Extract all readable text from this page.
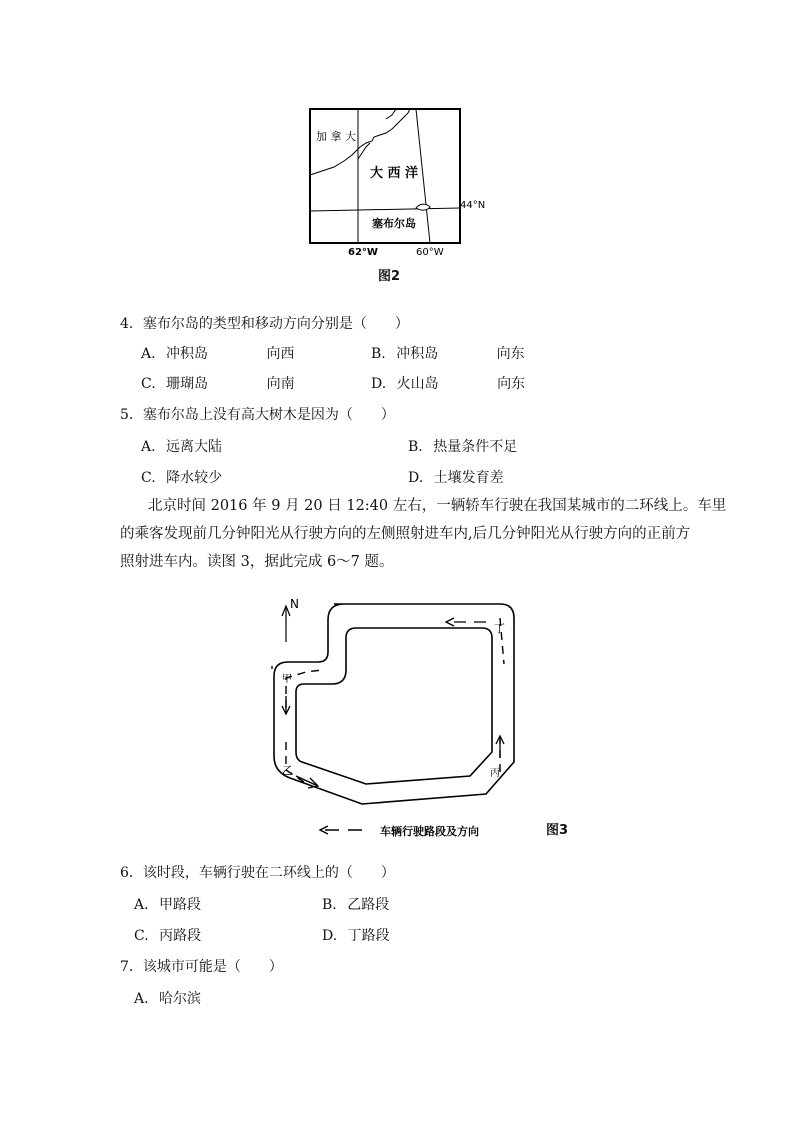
加 拿 大
大 西 洋
塞布尔岛
44°N
62°W	60°W
图2
4．塞布尔岛的类型和移动方向分别是（　　）
A. 冲积岛	向西	B. 冲积岛	向东
C. 珊瑚岛	向南	D. 火山岛	向东
5．塞布尔岛上没有高大树木是因为（　　）
A. 远离大陆	B. 热量条件不足
C. 降水较少	D. 土壤发育差
北京时间 2016 年 9 月 20 日 12:40 左右，一辆轿车行驶在我国某城市的二环线上。车里
的乘客发现前几分钟阳光从行驶方向的左侧照射进车内,后几分钟阳光从行驶方向的正前方
照射进车内。读图 3，据此完成 6～7 题。
N
甲
乙	丙
丁
车辆行驶路段及方向	图3
6．该时段，车辆行驶在二环线上的（　　）
A. 甲路段	B. 乙路段
C. 丙路段	D. 丁路段
7．该城市可能是（　　）
A. 哈尔滨
